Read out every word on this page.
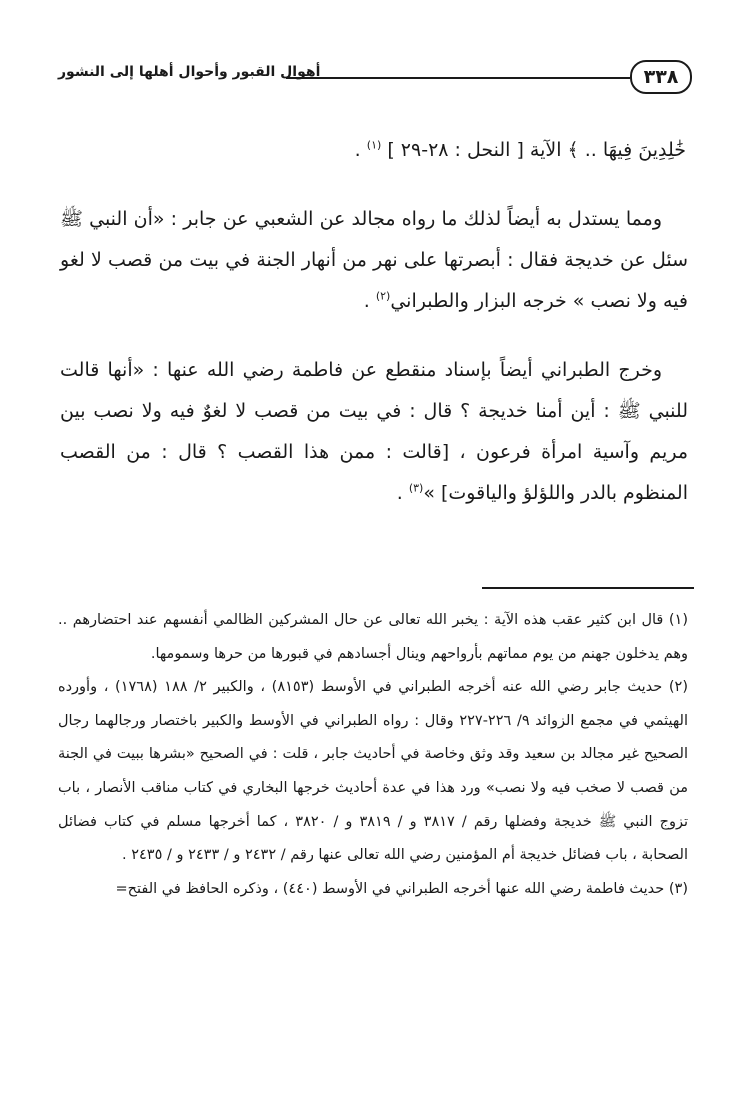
٣٣٨
أهوال القبور وأحوال أهلها إلى النشور

خَٰلِدِينَ فِيهَا .. ﴾ الآية [ النحل : ٢٨-٢٩ ] $^{(١)}$ .

ومما يستدل به أيضاً لذلك ما رواه مجالد عن الشعبي عن جابر : «أن النبي ﷺ سئل عن خديجة فقال : أبصرتها على نهر من أنهار الجنة في بيت من قصب لا لغو فيه ولا نصب » خرجه البزار والطبراني$^{(٢)}$ .

وخرج الطبراني أيضاً بإسناد منقطع عن فاطمة رضي الله عنها : «أنها قالت للنبي ﷺ : أين أمنا خديجة ؟ قال : في بيت من قصب لا لغوٌ فيه ولا نصب بين مريم وآسية امرأة فرعون ، [قالت : ممن هذا القصب ؟ قال : من القصب المنظوم بالدر واللؤلؤ والياقوت] »$^{(٣)}$ .

(١) قال ابن كثير عقب هذه الآية : يخبر الله تعالى عن حال المشركين الظالمي أنفسهم عند احتضارهم .. وهم يدخلون جهنم من يوم مماتهم بأرواحهم وينال أجسادهم في قبورها من حرها وسمومها.

(٢) حديث جابر رضي الله عنه أخرجه الطبراني في الأوسط (٨١٥٣) ، والكبير ٢/ ١٨٨ (١٧٦٨) ، وأورده الهيثمي في مجمع الزوائد ٩/ ٢٢٦-٢٢٧ وقال : رواه الطبراني في الأوسط والكبير باختصار ورجالهما رجال الصحيح غير مجالد بن سعيد وقد وثق وخاصة في أحاديث جابر ، قلت : في الصحيح «بشرها ببيت في الجنة من قصب لا صخب فيه ولا نصب» ورد هذا في عدة أحاديث خرجها البخاري في كتاب مناقب الأنصار ، باب تزوج النبي ﷺ خديجة وفضلها رقم / ٣٨١٧ و / ٣٨١٩ و / ٣٨٢٠ ، كما أخرجها مسلم في كتاب فضائل الصحابة ، باب فضائل خديجة أم المؤمنين رضي الله تعالى عنها رقم / ٢٤٣٢ و / ٢٤٣٣ و / ٢٤٣٥ .

(٣) حديث فاطمة رضي الله عنها أخرجه الطبراني في الأوسط (٤٤٠) ، وذكره الحافظ في الفتح=
